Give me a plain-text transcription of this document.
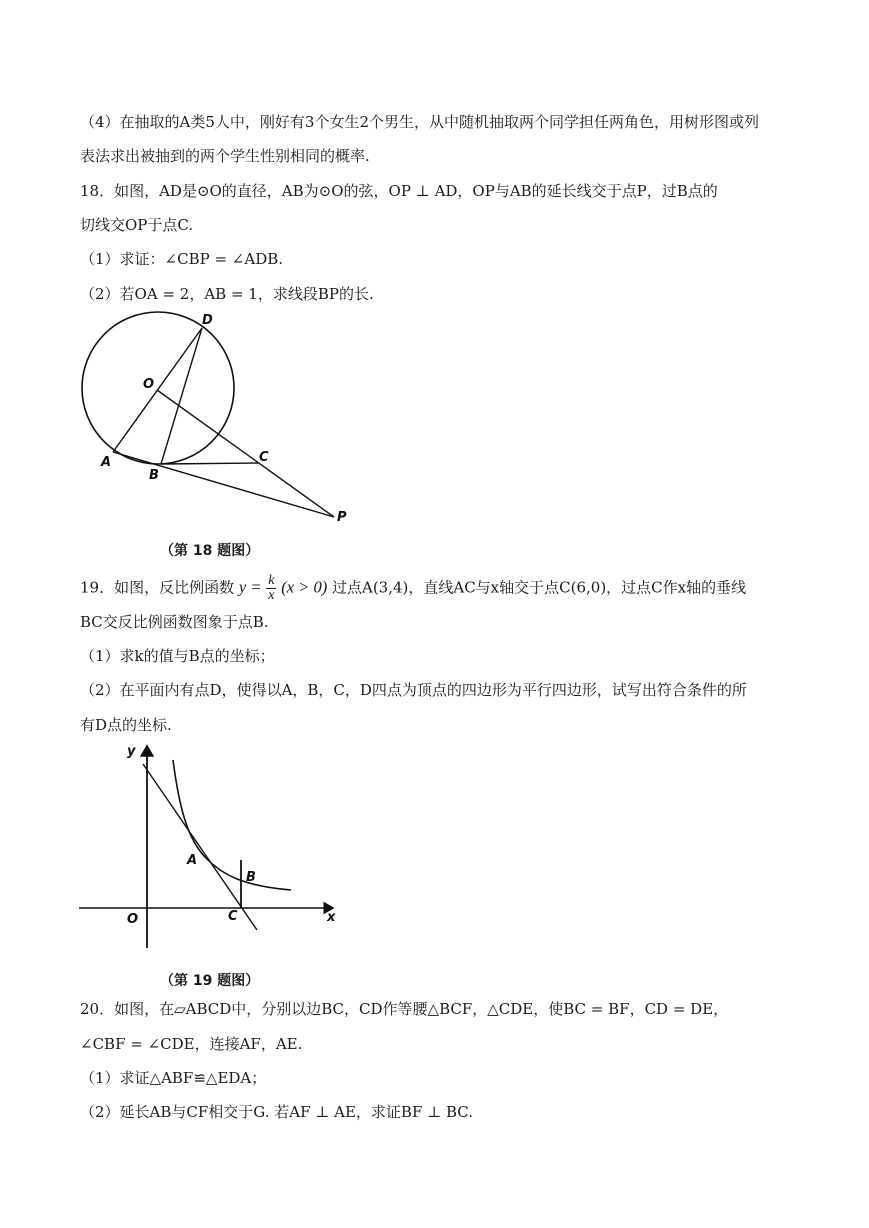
（4）在抽取的A类5人中，刚好有3个女生2个男生，从中随机抽取两个同学担任两角色，用树形图或列
表法求出被抽到的两个学生性别相同的概率.
18．如图，AD是⊙O的直径，AB为⊙O的弦，OP ⊥ AD，OP与AB的延长线交于点P，过B点的
切线交OP于点C.
（1）求证：∠CBP = ∠ADB.
（2）若OA = 2，AB = 1，求线段BP的长.
D
O
A
B
C
P
（第 18 题图）
19．如图，反比例函数 $y = \frac{k}{x} (x > 0)$ 过点A(3,4)，直线AC与x轴交于点C(6,0)，过点C作x轴的垂线
BC交反比例函数图象于点B.
（1）求k的值与B点的坐标；
（2）在平面内有点D，使得以A，B，C，D四点为顶点的四边形为平行四边形，试写出符合条件的所
有D点的坐标.
y
x
O
A
B
C
（第 19 题图）
20．如图，在▱ABCD中，分别以边BC，CD作等腰△BCF，△CDE，使BC = BF，CD = DE，
∠CBF = ∠CDE，连接AF，AE.
（1）求证△ABF≌△EDA；
（2）延长AB与CF相交于G. 若AF ⊥ AE，求证BF ⊥ BC.
